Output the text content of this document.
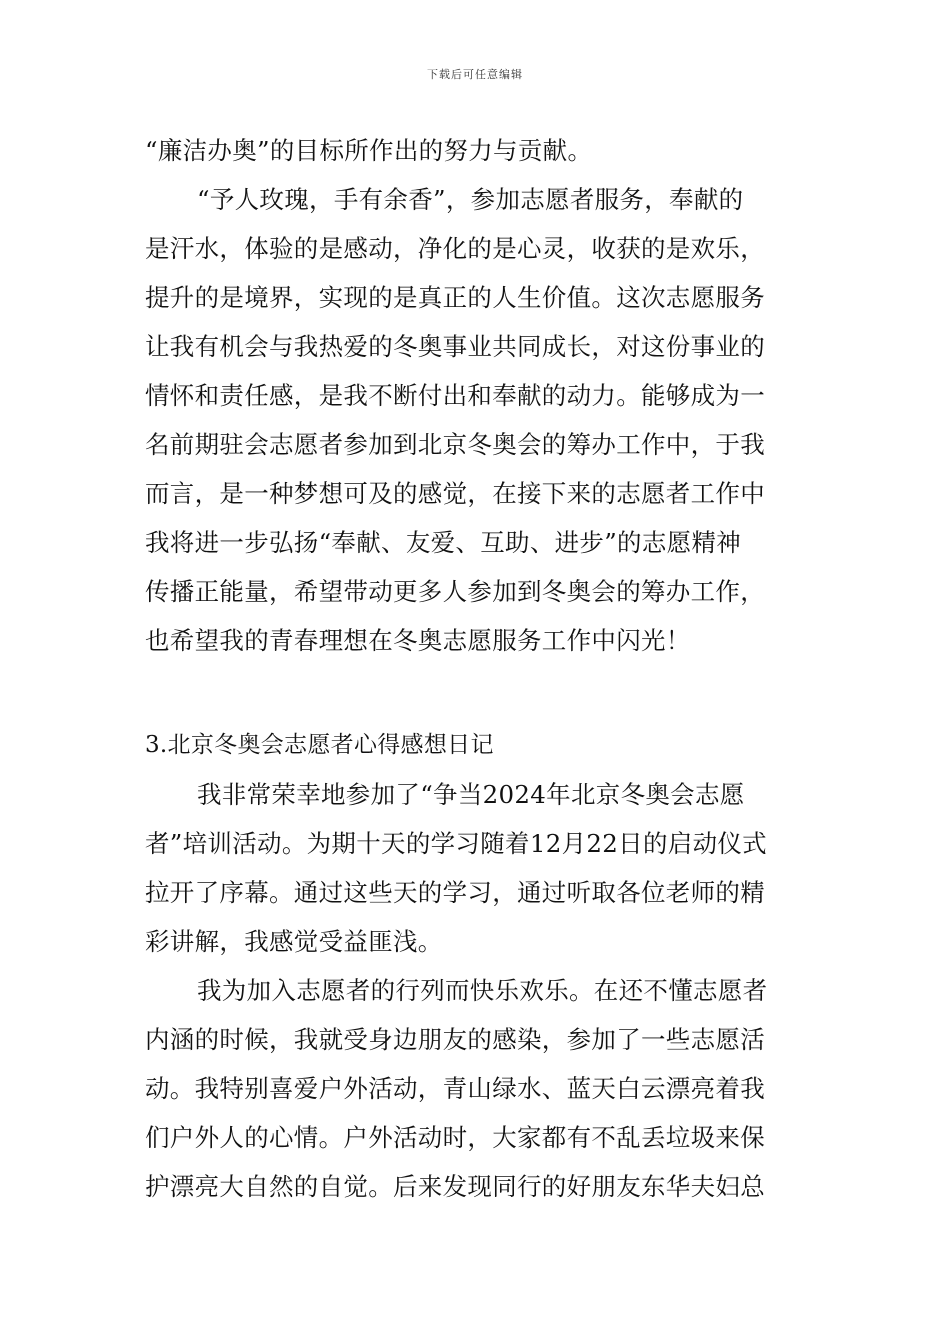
下载后可任意编辑
“廉洁办奥”的目标所作出的努力与贡献。
“予人玫瑰，手有余香”，参加志愿者服务，奉献的
是汗水，体验的是感动，净化的是心灵，收获的是欢乐，
提升的是境界，实现的是真正的人生价值。这次志愿服务
让我有机会与我热爱的冬奥事业共同成长，对这份事业的
情怀和责任感，是我不断付出和奉献的动力。能够成为一
名前期驻会志愿者参加到北京冬奥会的筹办工作中，于我
而言，是一种梦想可及的感觉，在接下来的志愿者工作中
我将进一步弘扬“奉献、友爱、互助、进步”的志愿精神
传播正能量，希望带动更多人参加到冬奥会的筹办工作，
也希望我的青春理想在冬奥志愿服务工作中闪光！
3.北京冬奥会志愿者心得感想日记
我非常荣幸地参加了“争当2024年北京冬奥会志愿
者”培训活动。为期十天的学习随着12月22日的启动仪式
拉开了序幕。通过这些天的学习，通过听取各位老师的精
彩讲解，我感觉受益匪浅。
我为加入志愿者的行列而快乐欢乐。在还不懂志愿者
内涵的时候，我就受身边朋友的感染，参加了一些志愿活
动。我特别喜爱户外活动，青山绿水、蓝天白云漂亮着我
们户外人的心情。户外活动时，大家都有不乱丢垃圾来保
护漂亮大自然的自觉。后来发现同行的好朋友东华夫妇总
